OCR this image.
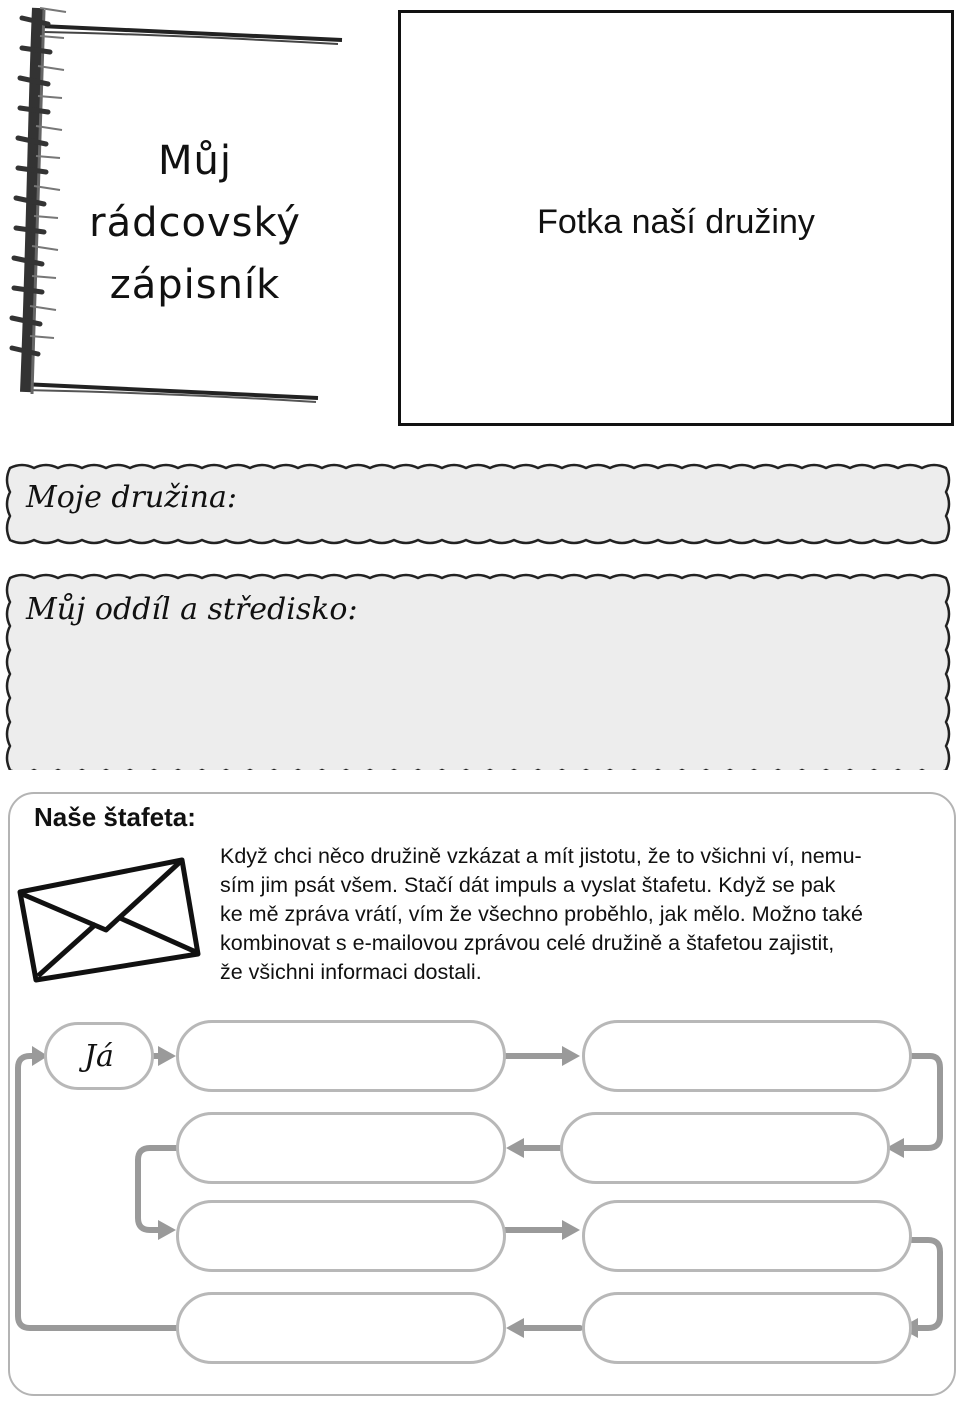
Můj
rádcovský
zápisník
Fotka naší družiny
Moje družina:
Můj oddíl a středisko:
Naše štafeta:

Když chci něco družině vzkázat a mít jistotu, že to všichni ví, nemu-
sím jim psát všem. Stačí dát impuls a vyslat štafetu. Když se pak
ke mě zpráva vrátí, vím že všechno proběhlo, jak mělo. Možno také
kombinovat s e-mailovou zprávou celé družině a štafetou zajistit,
že všichni informaci dostali.

Já
